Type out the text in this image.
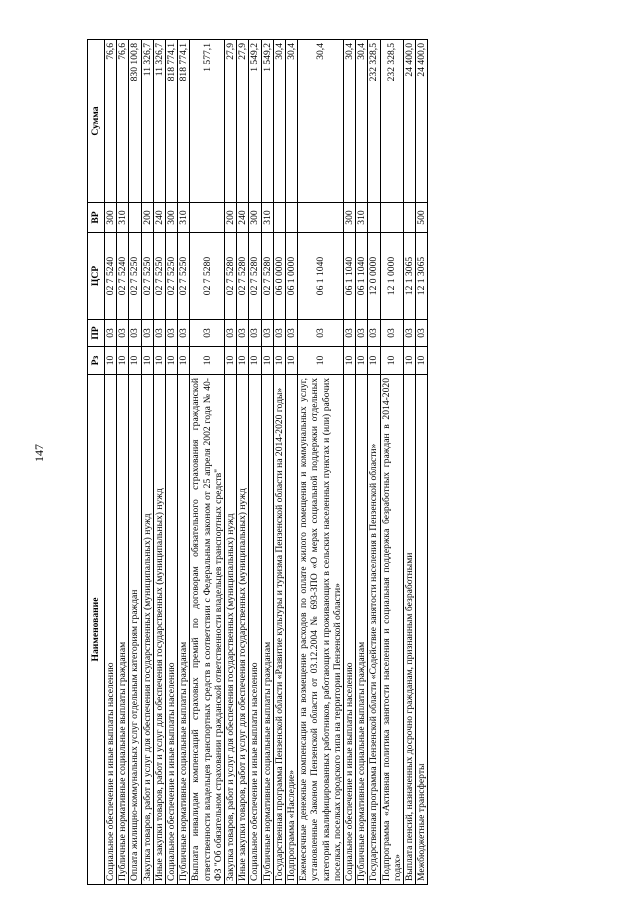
147
Наименование	Рз	ПР	ЦСР	ВР	Сумма
Социальное обеспечение и иные выплаты населению	10	03	02 7 5240	300	76,6
Публичные нормативные социальные выплаты гражданам	10	03	02 7 5240	310	76,6
Оплата жилищно-коммунальных услуг отдельным категориям граждан	10	03	02 7 5250		830 100,8
Закупка товаров, работ и услуг для обеспечения государственных (муниципальных) нужд	10	03	02 7 5250	200	11 326,7
Иные закупки товаров, работ и услуг для обеспечения государственных (муниципальных) нужд	10	03	02 7 5250	240	11 326,7
Социальное обеспечение и иные выплаты населению	10	03	02 7 5250	300	818 774,1
Публичные нормативные социальные выплаты гражданам	10	03	02 7 5250	310	818 774,1
Выплата инвалидам компенсаций страховых премий по договорам обязательного страхования гражданской ответственности владельцев транспортных средств в соответствии с Федеральным законом от 25 апреля 2002 года № 40-ФЗ "Об обязательном страховании гражданской ответственности владельцев транспортных средств"	10	03	02 7 5280		1 577,1
Закупка товаров, работ и услуг для обеспечения государственных (муниципальных) нужд	10	03	02 7 5280	200	27,9
Иные закупки товаров, работ и услуг для обеспечения государственных (муниципальных) нужд	10	03	02 7 5280	240	27,9
Социальное обеспечение и иные выплаты населению	10	03	02 7 5280	300	1 549,2
Публичные нормативные социальные выплаты гражданам	10	03	02 7 5280	310	1 549,2
Государственная программа Пензенской области «Развитие культуры и туризма Пензенской области на 2014-2020 годы»	10	03	06 0 0000		30,4
Подпрограмма «Наследие»	10	03	06 1 0000		30,4
Ежемесячные денежные компенсации на возмещение расходов по оплате жилого помещения и коммунальных услуг, установленные Законом Пензенской области от 03.12.2004 № 693-ЗПО «О мерах социальной поддержки отдельных категорий квалифицированных работников, работающих и проживающих в сельских населенных пунктах и (или) рабочих поселках, поселках городского типа на территории Пензенской области»	10	03	06 1 1040		30,4
Социальное обеспечение и иные выплаты населению	10	03	06 1 1040	300	30,4
Публичные нормативные социальные выплаты гражданам	10	03	06 1 1040	310	30,4
Государственная программа Пензенской области «Содействие занятости населения в Пензенской области»	10	03	12 0 0000		232 328,5
Подпрограмма «Активная политика занятости населения и социальная поддержка безработных граждан в 2014-2020 годах»	10	03	12 1 0000		232 328,5
Выплата пенсий, назначенных досрочно гражданам, признанным безработными	10	03	12 1 3065		24 400,0
Межбюджетные трансферты	10	03	12 1 3065	500	24 400,0
